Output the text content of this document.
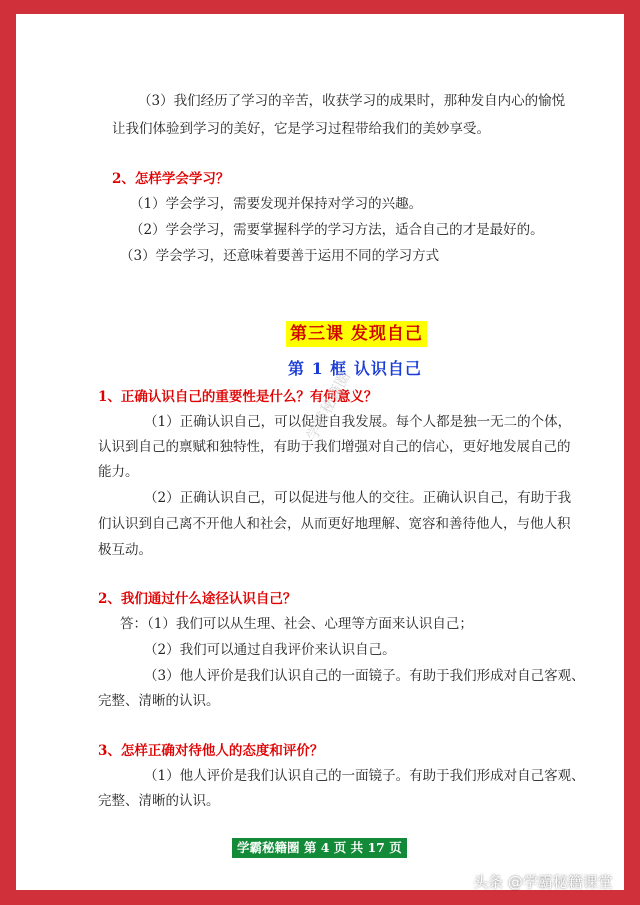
（3）我们经历了学习的辛苦，收获学习的成果时，那种发自内心的愉悦
让我们体验到学习的美好，它是学习过程带给我们的美妙享受。
2、怎样学会学习？
（1）学会学习，需要发现并保持对学习的兴趣。
（2）学会学习，需要掌握科学的学习方法，适合自己的才是最好的。
（3）学会学习，还意味着要善于运用不同的学习方式
第三课 发现自己
第 1 框 认识自己
1、正确认识自己的重要性是什么？有何意义？
（1）正确认识自己，可以促进自我发展。每个人都是独一无二的个体，
认识到自己的禀赋和独特性，有助于我们增强对自己的信心，更好地发展自己的
能力。
（2）正确认识自己，可以促进与他人的交往。正确认识自己，有助于我
们认识到自己离不开他人和社会，从而更好地理解、宽容和善待他人，与他人积
极互动。
2、我们通过什么途径认识自己？
答：（1）我们可以从生理、社会、心理等方面来认识自己；
（2）我们可以通过自我评价来认识自己。
（3）他人评价是我们认识自己的一面镜子。有助于我们形成对自己客观、
完整、清晰的认识。
3、怎样正确对待他人的态度和评价？
（1）他人评价是我们认识自己的一面镜子。有助于我们形成对自己客观、
完整、清晰的认识。
学霸秘籍圈
学霸秘籍圈 第 4 页 共 17 页
头条 @学霸秘籍课堂
